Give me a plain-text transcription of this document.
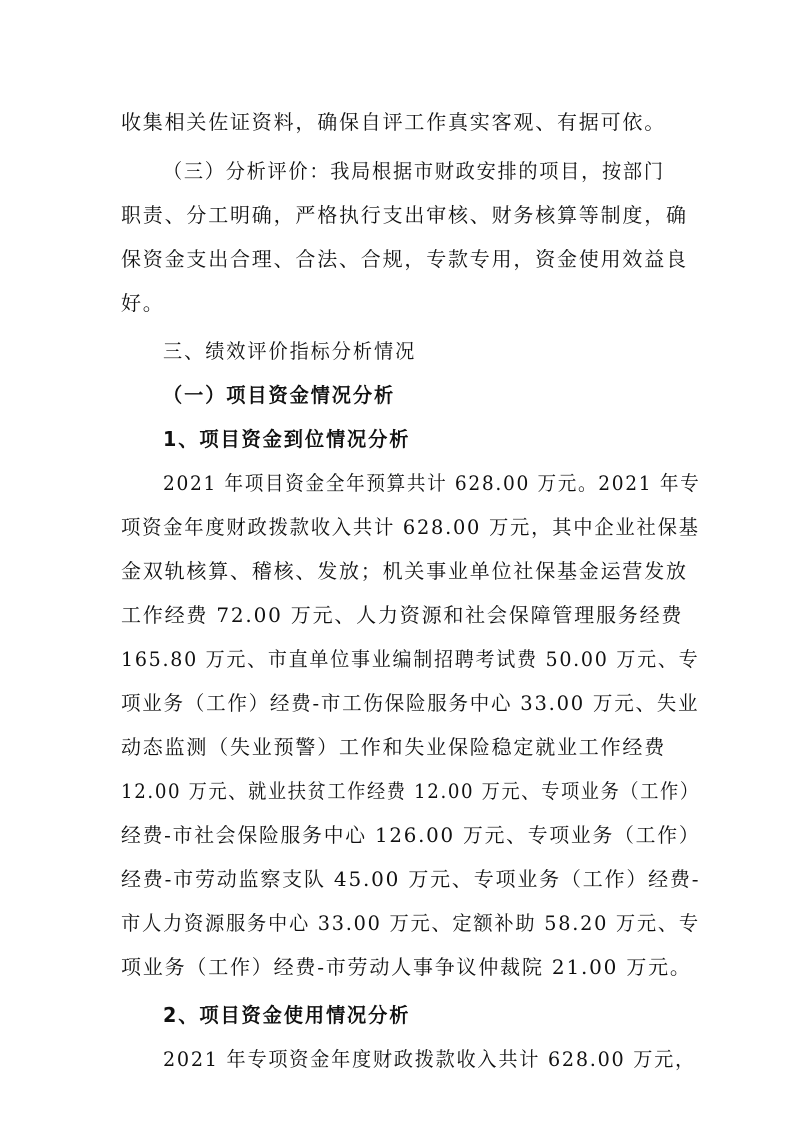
收集相关佐证资料，确保自评工作真实客观、有据可依。
（三）分析评价：我局根据市财政安排的项目，按部门
职责、分工明确，严格执行支出审核、财务核算等制度，确
保资金支出合理、合法、合规，专款专用，资金使用效益良
好。
三、绩效评价指标分析情况
（一）项目资金情况分析
1、项目资金到位情况分析
2021 年项目资金全年预算共计 628.00 万元。2021 年专
项资金年度财政拨款收入共计 628.00 万元，其中企业社保基
金双轨核算、稽核、发放；机关事业单位社保基金运营发放
工作经费 72.00 万元、人力资源和社会保障管理服务经费
165.80 万元、市直单位事业编制招聘考试费 50.00 万元、专
项业务（工作）经费-市工伤保险服务中心 33.00 万元、失业
动态监测（失业预警）工作和失业保险稳定就业工作经费
12.00 万元、就业扶贫工作经费 12.00 万元、专项业务（工作）
经费-市社会保险服务中心 126.00 万元、专项业务（工作）
经费-市劳动监察支队 45.00 万元、专项业务（工作）经费-
市人力资源服务中心 33.00 万元、定额补助 58.20 万元、专
项业务（工作）经费-市劳动人事争议仲裁院 21.00 万元。
2、项目资金使用情况分析
2021 年专项资金年度财政拨款收入共计 628.00 万元，
